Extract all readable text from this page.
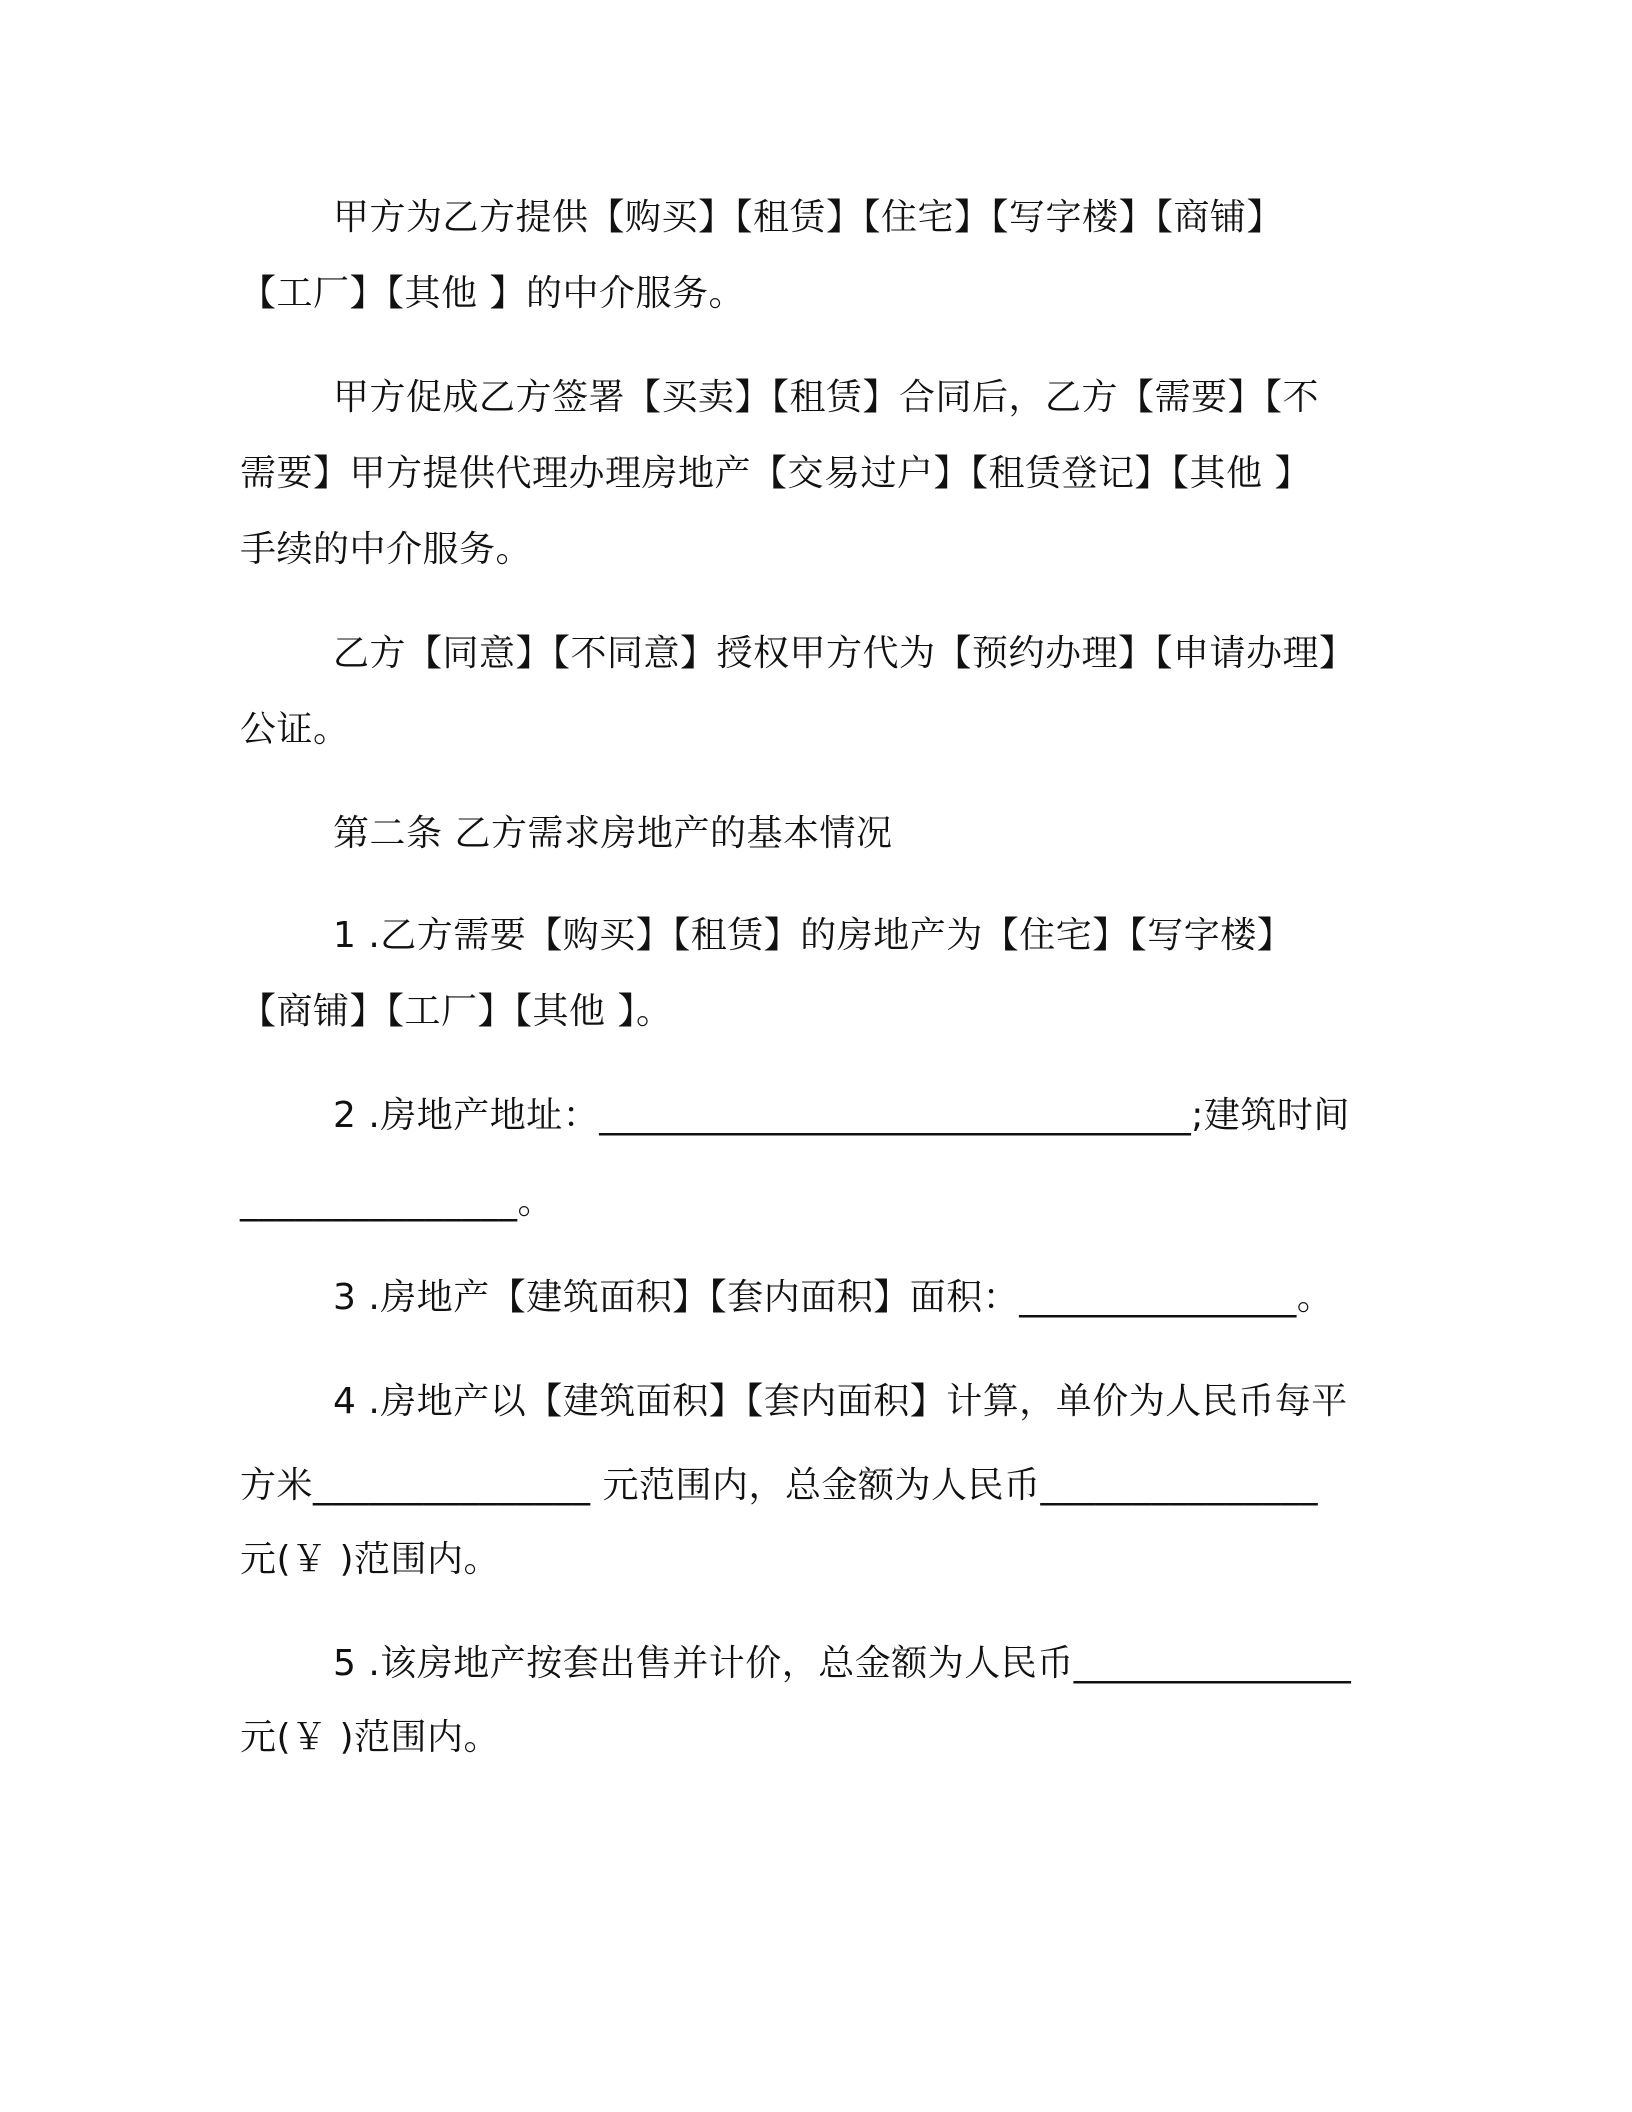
甲方为乙方提供【购买】【租赁】【住宅】【写字楼】【商铺】
【工厂】【其他 】的中介服务。
甲方促成乙方签署【买卖】【租赁】合同后，乙方【需要】【不
需要】甲方提供代理办理房地产【交易过户】【租赁登记】【其他 】
手续的中介服务。
乙方【同意】【不同意】授权甲方代为【预约办理】【申请办理】
公证。
第二条 乙方需求房地产的基本情况
1 .乙方需要【购买】【租赁】的房地产为【住宅】【写字楼】
【商铺】【工厂】【其他 】。
2 .房地产地址：________________________________;建筑时间
_______________。
3 .房地产【建筑面积】【套内面积】面积：_______________。
4 .房地产以【建筑面积】【套内面积】计算，单价为人民币每平
方米_______________ 元范围内，总金额为人民币_______________
元(￥ )范围内。
5 .该房地产按套出售并计价，总金额为人民币_______________
元(￥ )范围内。
